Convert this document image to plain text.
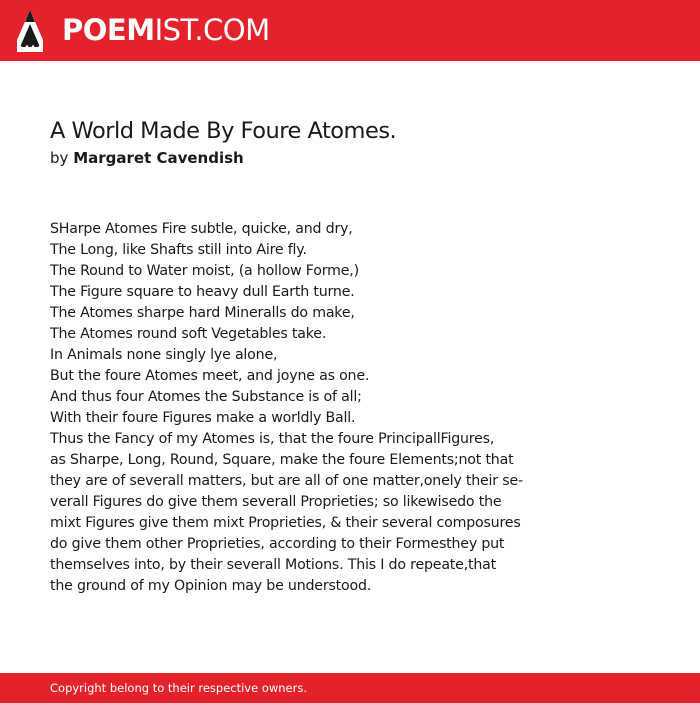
POEMIST.COM
A World Made By Foure Atomes.
by Margaret Cavendish
SHarpe Atomes Fire subtle, quicke, and dry,
The Long, like Shafts still into Aire fly.
The Round to Water moist, (a hollow Forme,)
The Figure square to heavy dull Earth turne.
The Atomes sharpe hard Mineralls do make,
The Atomes round soft Vegetables take.
In Animals none singly lye alone,
But the foure Atomes meet, and joyne as one.
And thus four Atomes the Substance is of all;
With their foure Figures make a worldly Ball.
Thus the Fancy of my Atomes is, that the foure PrincipallFigures,
as Sharpe, Long, Round, Square, make the foure Elements;not that
they are of severall matters, but are all of one matter,onely their se-
verall Figures do give them severall Proprieties; so likewisedo the
mixt Figures give them mixt Proprieties, & their several composures
do give them other Proprieties, according to their Formesthey put
themselves into, by their severall Motions. This I do repeate,that
the ground of my Opinion may be understood.
Copyright belong to their respective owners.
